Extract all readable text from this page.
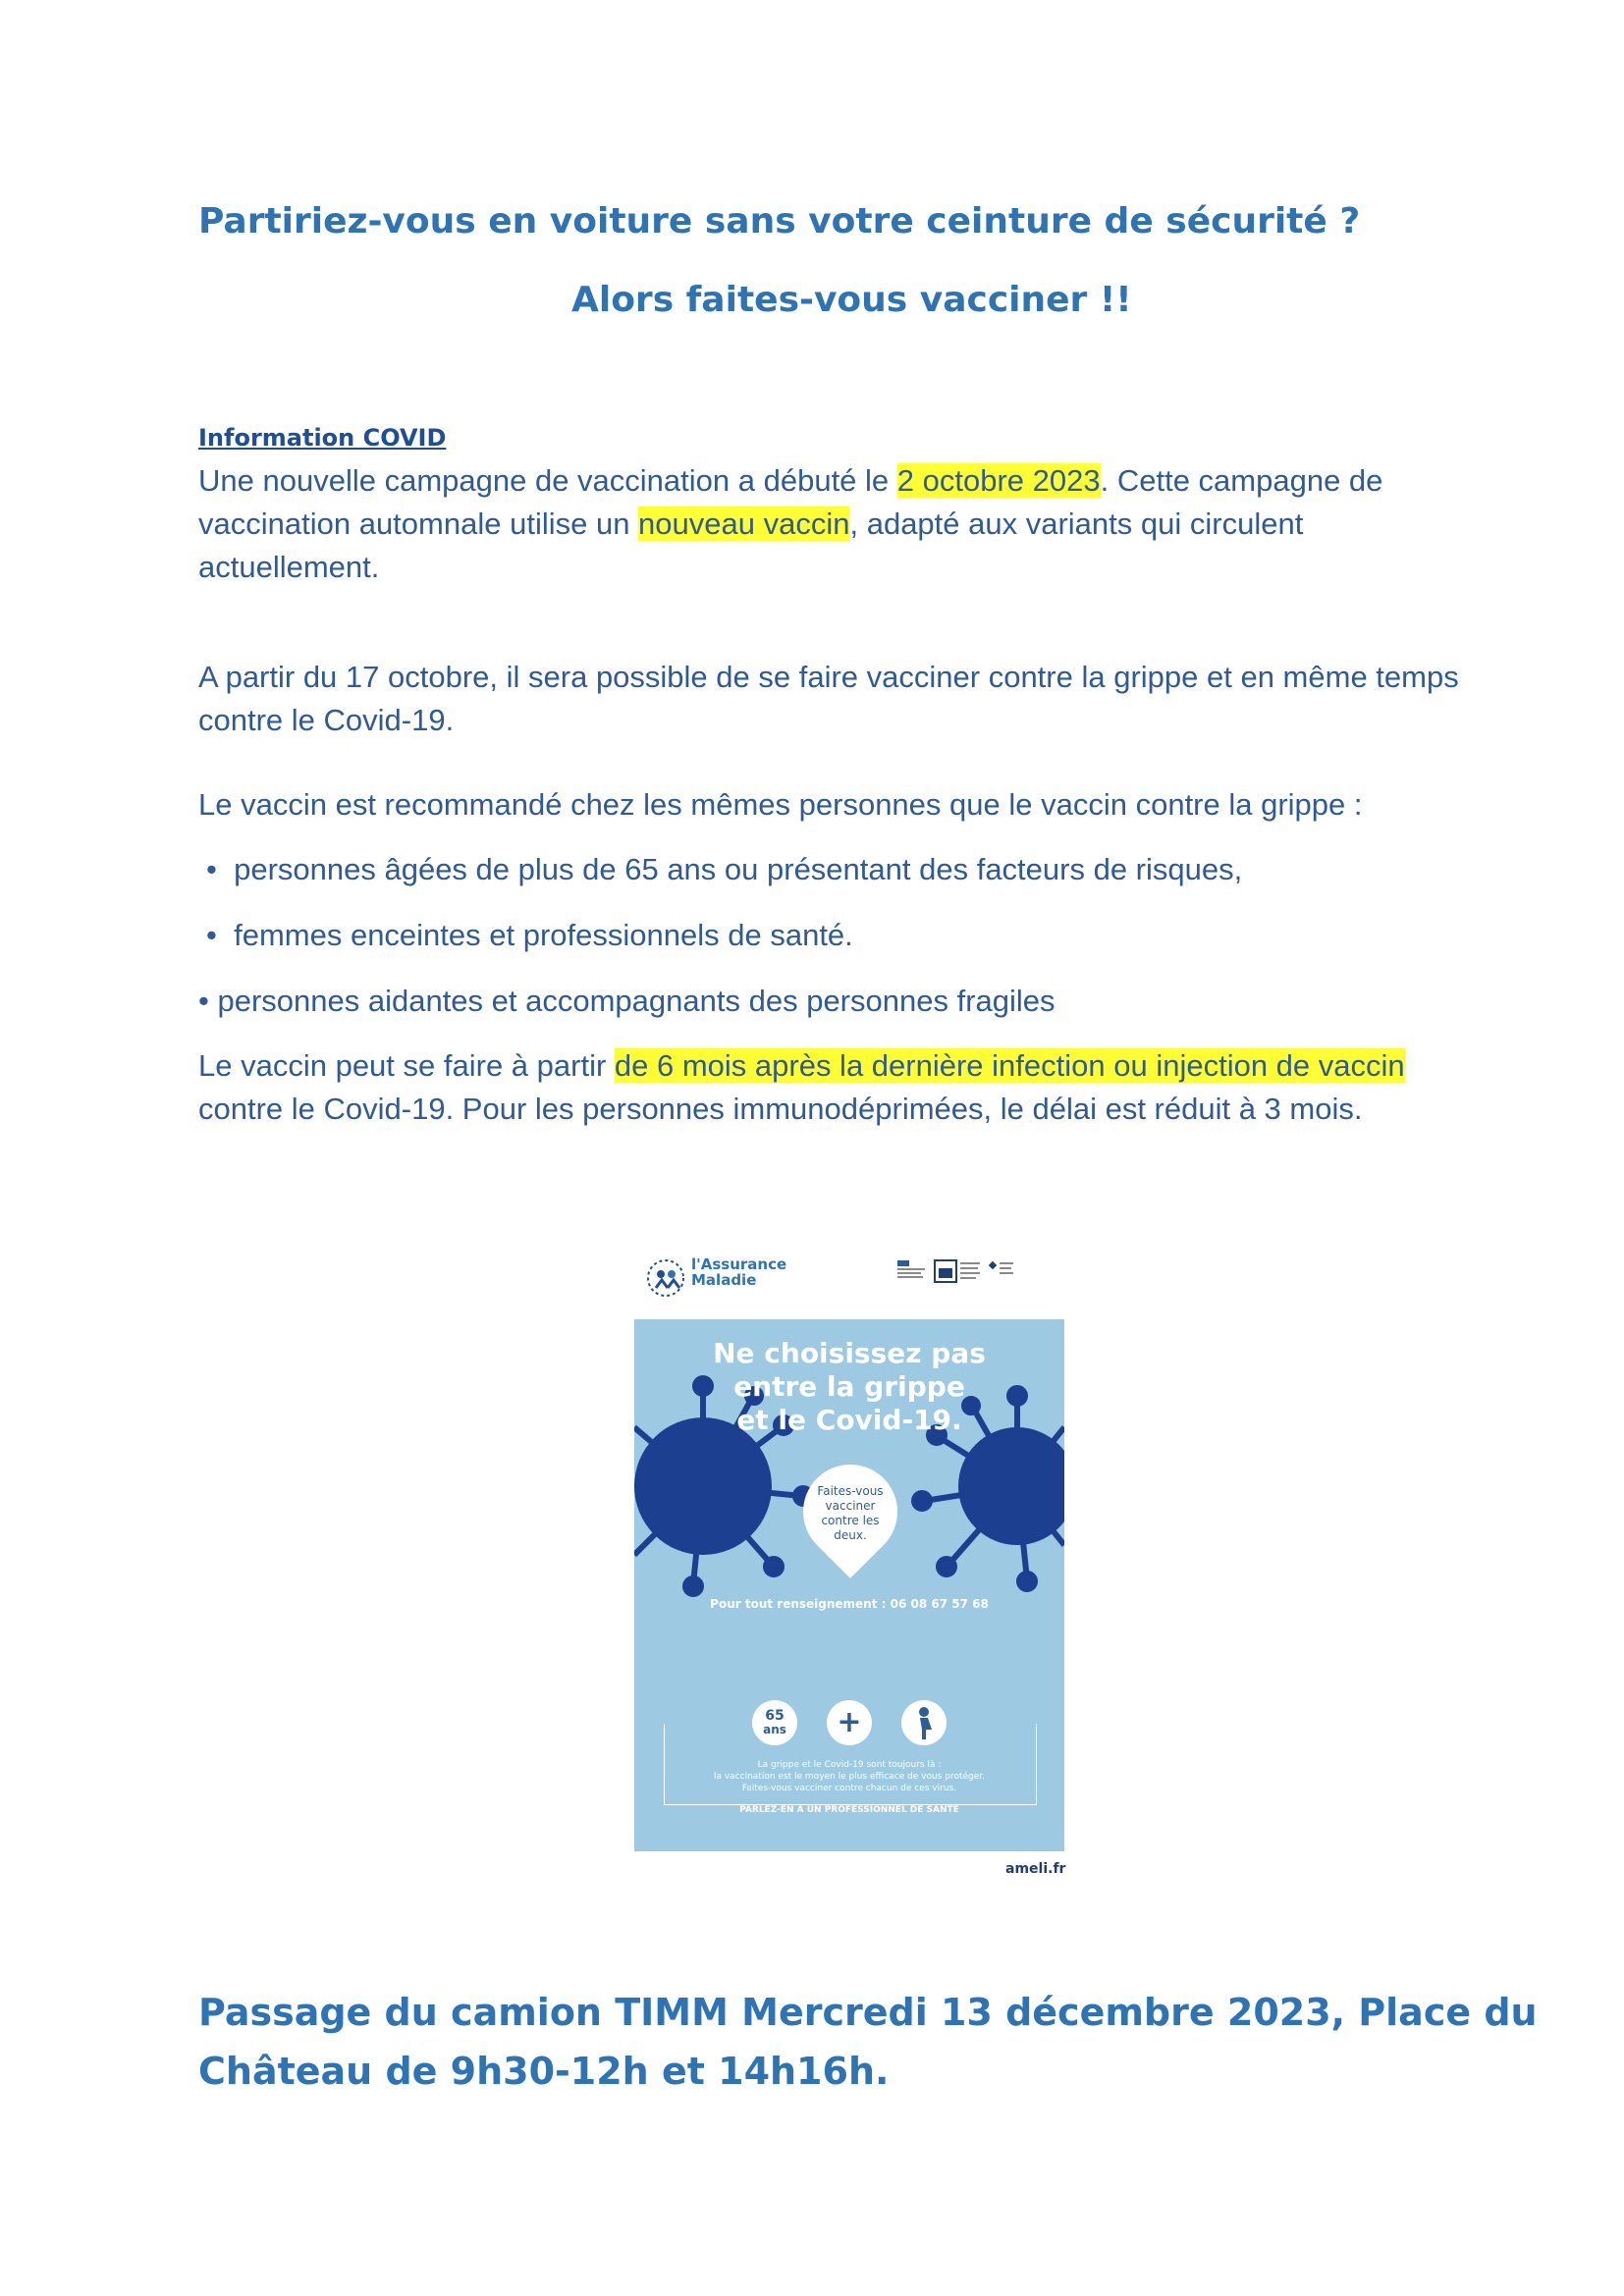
Partiriez-vous en voiture sans votre ceinture de sécurité ?
Alors faites-vous vacciner !!
Information COVID
Une nouvelle campagne de vaccination a débuté le 2 octobre 2023. Cette campagne de
vaccination automnale utilise un nouveau vaccin, adapté aux variants qui circulent
actuellement.
A partir du 17 octobre, il sera possible de se faire vacciner contre la grippe et en même temps
contre le Covid-19.
Le vaccin est recommandé chez les mêmes personnes que le vaccin contre la grippe :
•  personnes âgées de plus de 65 ans ou présentant des facteurs de risques,
•  femmes enceintes et professionnels de santé.
• personnes aidantes et accompagnants des personnes fragiles
Le vaccin peut se faire à partir de 6 mois après la dernière infection ou injection de vaccin
contre le Covid-19. Pour les personnes immunodéprimées, le délai est réduit à 3 mois.
l'Assurance
Maladie
Ne choisissez pas
entre la grippe
et le Covid-19.
Faites-vous
vacciner
contre les
deux.
Pour tout renseignement : 06 08 67 57 68
65
ans	+
La grippe et le Covid-19 sont toujours là :
la vaccination est le moyen le plus efficace de vous protéger.
Faites-vous vacciner contre chacun de ces virus.
PARLEZ-EN À UN PROFESSIONNEL DE SANTÉ
ameli.fr
Passage du camion TIMM Mercredi 13 décembre 2023, Place du
Château de 9h30-12h et 14h16h.
